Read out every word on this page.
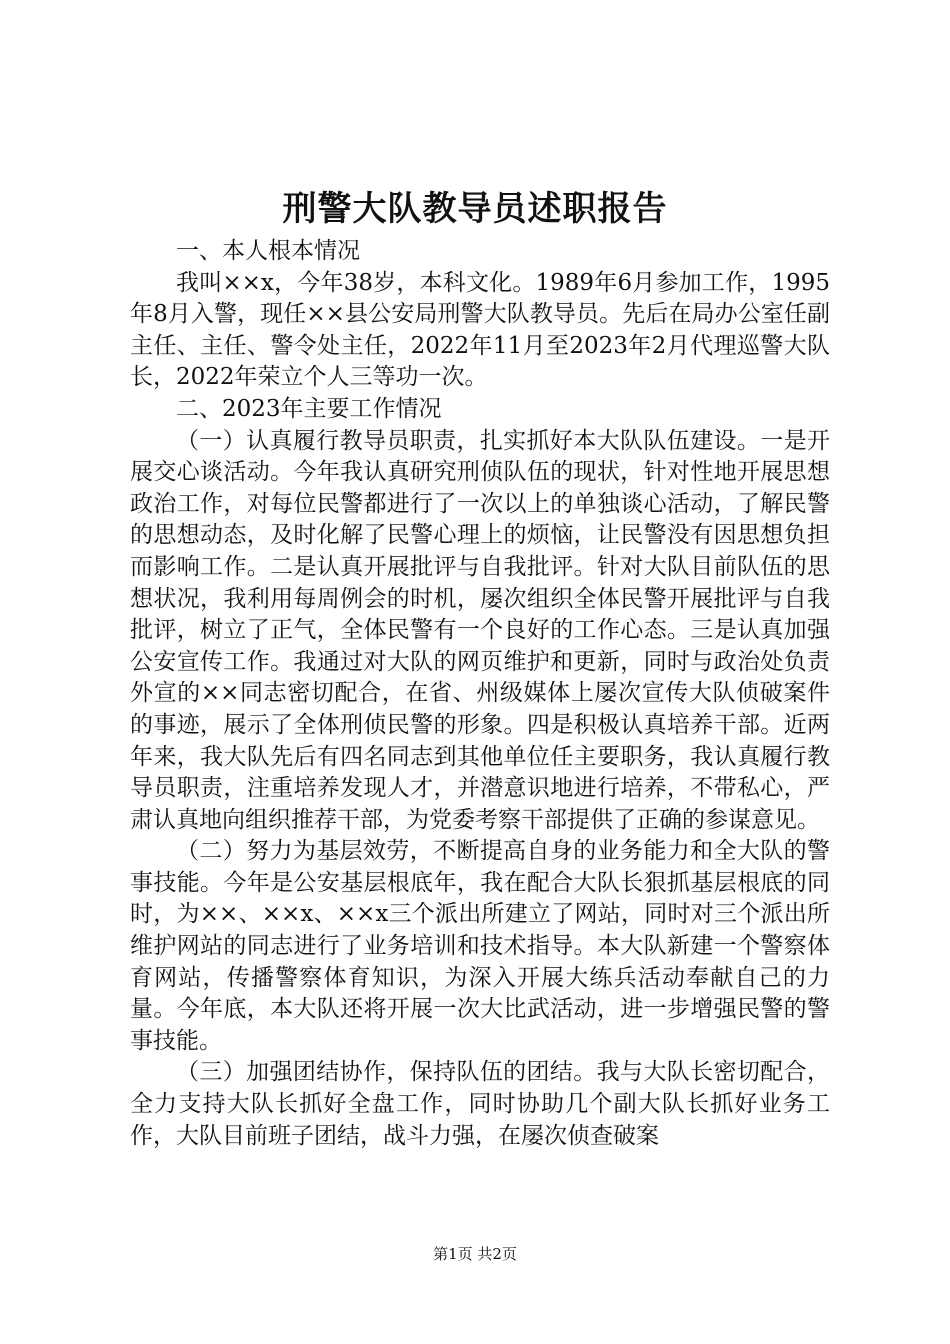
刑警大队教导员述职报告

一、本人根本情况

我叫××x，今年38岁，本科文化。1989年6月参加工作，1995年8月入警，现任××县公安局刑警大队教导员。先后在局办公室任副主任、主任、警令处主任，2022年11月至2023年2月代理巡警大队长，2022年荣立个人三等功一次。

二、2023年主要工作情况

（一）认真履行教导员职责，扎实抓好本大队队伍建设。一是开展交心谈活动。今年我认真研究刑侦队伍的现状，针对性地开展思想政治工作，对每位民警都进行了一次以上的单独谈心活动，了解民警的思想动态，及时化解了民警心理上的烦恼，让民警没有因思想负担而影响工作。二是认真开展批评与自我批评。针对大队目前队伍的思想状况，我利用每周例会的时机，屡次组织全体民警开展批评与自我批评，树立了正气，全体民警有一个良好的工作心态。三是认真加强公安宣传工作。我通过对大队的网页维护和更新，同时与政治处负责外宣的××同志密切配合，在省、州级媒体上屡次宣传大队侦破案件的事迹，展示了全体刑侦民警的形象。四是积极认真培养干部。近两年来，我大队先后有四名同志到其他单位任主要职务，我认真履行教导员职责，注重培养发现人才，并潜意识地进行培养，不带私心，严肃认真地向组织推荐干部，为党委考察干部提供了正确的参谋意见。

（二）努力为基层效劳，不断提高自身的业务能力和全大队的警事技能。今年是公安基层根底年，我在配合大队长狠抓基层根底的同时，为××、××x、××x三个派出所建立了网站，同时对三个派出所维护网站的同志进行了业务培训和技术指导。本大队新建一个警察体育网站，传播警察体育知识，为深入开展大练兵活动奉献自己的力量。今年底，本大队还将开展一次大比武活动，进一步增强民警的警事技能。

（三）加强团结协作，保持队伍的团结。我与大队长密切配合，全力支持大队长抓好全盘工作，同时协助几个副大队长抓好业务工作，大队目前班子团结，战斗力强，在屡次侦查破案

第1页 共2页
